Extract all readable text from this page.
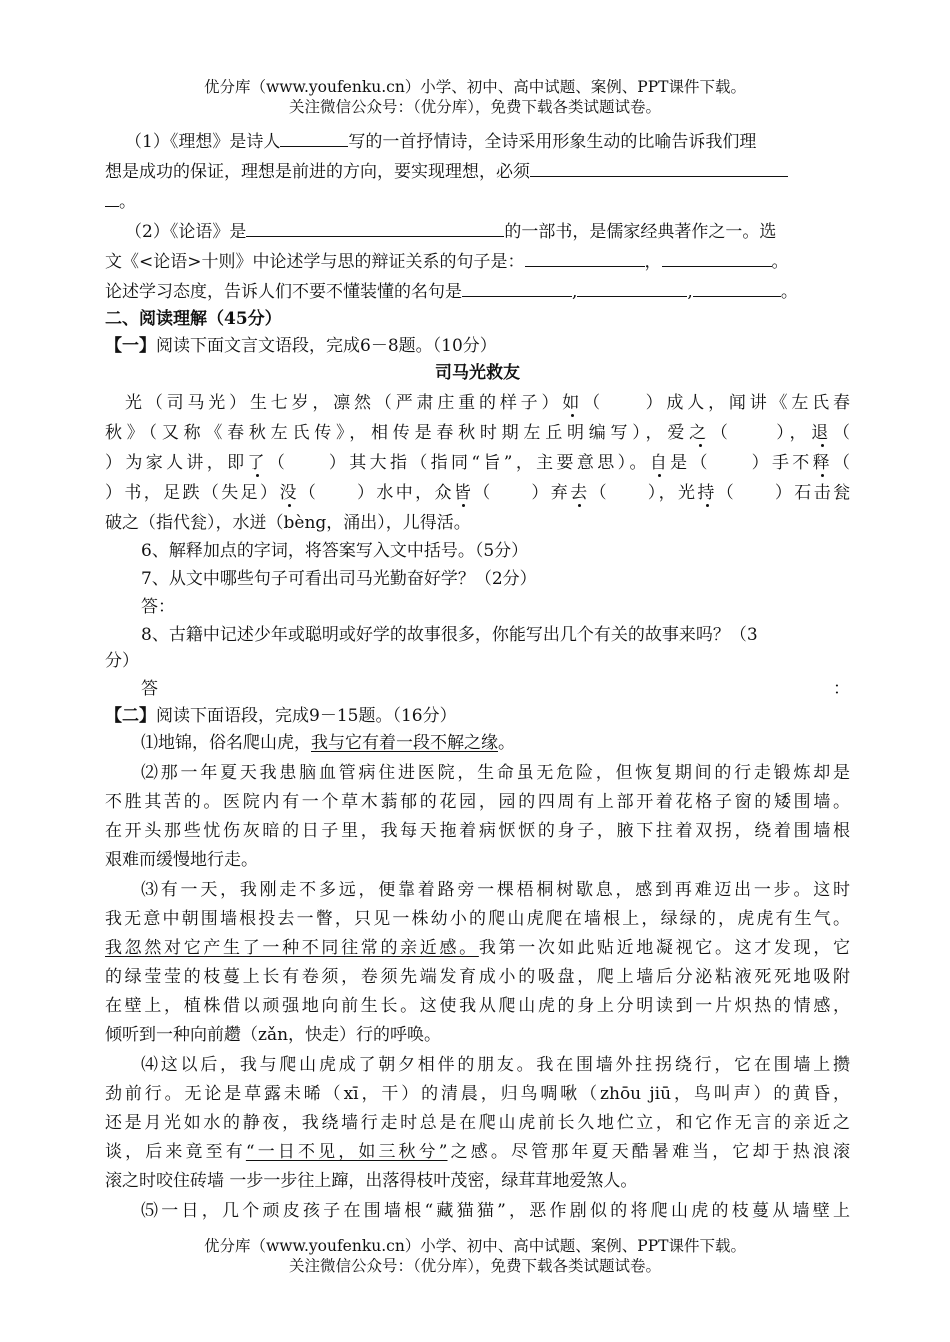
优分库（www.youfenku.cn）小学、初中、高中试题、案例、PPT课件下载。
关注微信公众号：（优分库），免费下载各类试题试卷。
（1）《理想》是诗人	写的一首抒情诗，全诗采用形象生动的比喻告诉我们理
想是成功的保证，理想是前进的方向，要实现理想，必须
。
（2）《论语》是	的一部书，是儒家经典著作之一。选
文《<论语>十则》中论述学与思的辩证关系的句子是：	，	。
论述学习态度，告诉人们不要不懂装懂的名句是	,	,	。
二、阅读理解（45分）
【一】阅读下面文言文语段，完成6－8题。（10分）
司马光救友
光（司马光）生七岁，凛然（严肃庄重的样子）如（　　）成人，闻讲《左氏春
秋》（又称《春秋左氏传》，相传是春秋时期左丘明编写），爱之（　　），退（
）为家人讲，即了（　　）其大指（指同“旨”，主要意思）。自是（　　）手不释（
）书，足跌（失足）没（　　）水中，众皆（　　）弃去（　　），光持（　　）石击瓮
破之（指代瓮），水迸（bèng，涌出），儿得活。
6、解释加点的字词，将答案写入文中括号。（5分）
7、从文中哪些句子可看出司马光勤奋好学？（2分）
答：
8、古籍中记述少年或聪明或好学的故事很多，你能写出几个有关的故事来吗？（3
分）
答	：
【二】阅读下面语段，完成9－15题。（16分）
⑴地锦，俗名爬山虎，我与它有着一段不解之缘。
⑵那一年夏天我患脑血管病住进医院，生命虽无危险，但恢复期间的行走锻炼却是
不胜其苦的。医院内有一个草木蓊郁的花园，园的四周有上部开着花格子窗的矮围墙。
在开头那些忧伤灰暗的日子里，我每天拖着病恹恹的身子，腋下拄着双拐，绕着围墙根
艰难而缓慢地行走。
⑶有一天，我刚走不多远，便靠着路旁一棵梧桐树歇息，感到再难迈出一步。这时
我无意中朝围墙根投去一瞥，只见一株幼小的爬山虎爬在墙根上，绿绿的，虎虎有生气。
我忽然对它产生了一种不同往常的亲近感。我第一次如此贴近地凝视它。这才发现，它
的绿莹莹的枝蔓上长有卷须，卷须先端发育成小的吸盘，爬上墙后分泌粘液死死地吸附
在壁上，植株借以顽强地向前生长。这使我从爬山虎的身上分明读到一片炽热的情感，
倾听到一种向前趱（zǎn，快走）行的呼唤。
⑷这以后，我与爬山虎成了朝夕相伴的朋友。我在围墙外拄拐绕行，它在围墙上攒
劲前行。无论是草露未晞（xī，干）的清晨，归鸟啁啾（zhōu jiū，鸟叫声）的黄昏，
还是月光如水的静夜，我绕墙行走时总是在爬山虎前长久地伫立，和它作无言的亲近之
谈，后来竟至有“一日不见，如三秋兮”之感。尽管那年夏天酷暑难当，它却于热浪滚
滚之时咬住砖墙 一步一步往上蹿，出落得枝叶茂密，绿茸茸地爱煞人。
⑸一日，几个顽皮孩子在围墙根“藏猫猫”，恶作剧似的将爬山虎的枝蔓从墙壁上
优分库（www.youfenku.cn）小学、初中、高中试题、案例、PPT课件下载。
关注微信公众号：（优分库），免费下载各类试题试卷。
